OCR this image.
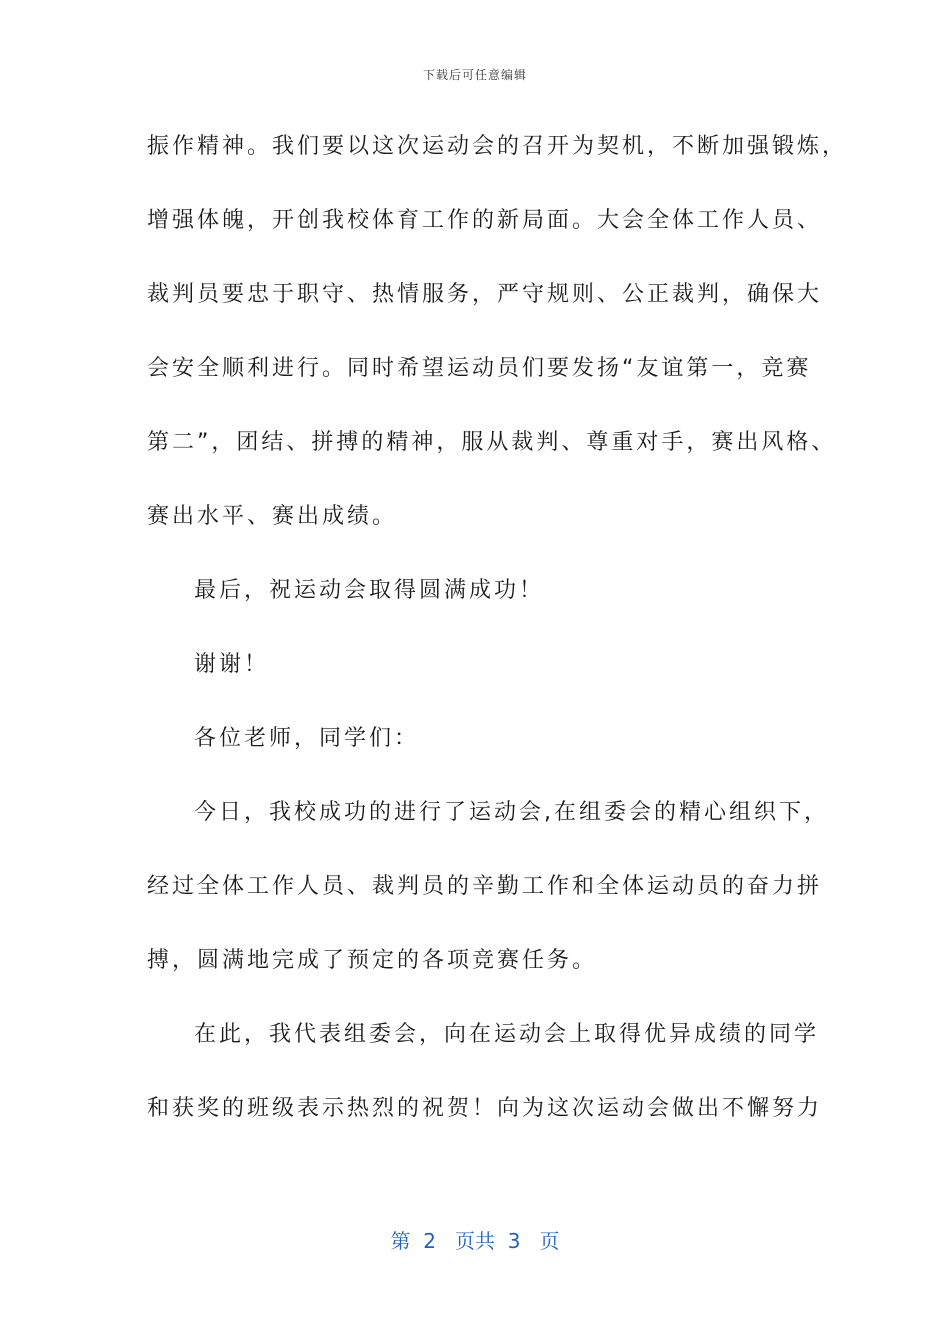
下载后可任意编辑
振作精神。我们要以这次运动会的召开为契机，不断加强锻炼，
增强体魄，开创我校体育工作的新局面。大会全体工作人员、
裁判员要忠于职守、热情服务，严守规则、公正裁判，确保大
会安全顺利进行。同时希望运动员们要发扬“友谊第一，竞赛
第二”，团结、拼搏的精神，服从裁判、尊重对手，赛出风格、
赛出水平、赛出成绩。
最后，祝运动会取得圆满成功！
谢谢！
各位老师，同学们：
今日，我校成功的进行了运动会,在组委会的精心组织下，
经过全体工作人员、裁判员的辛勤工作和全体运动员的奋力拼
搏，圆满地完成了预定的各项竞赛任务。
在此，我代表组委会，向在运动会上取得优异成绩的同学
和获奖的班级表示热烈的祝贺！向为这次运动会做出不懈努力
第  2   页共  3   页
